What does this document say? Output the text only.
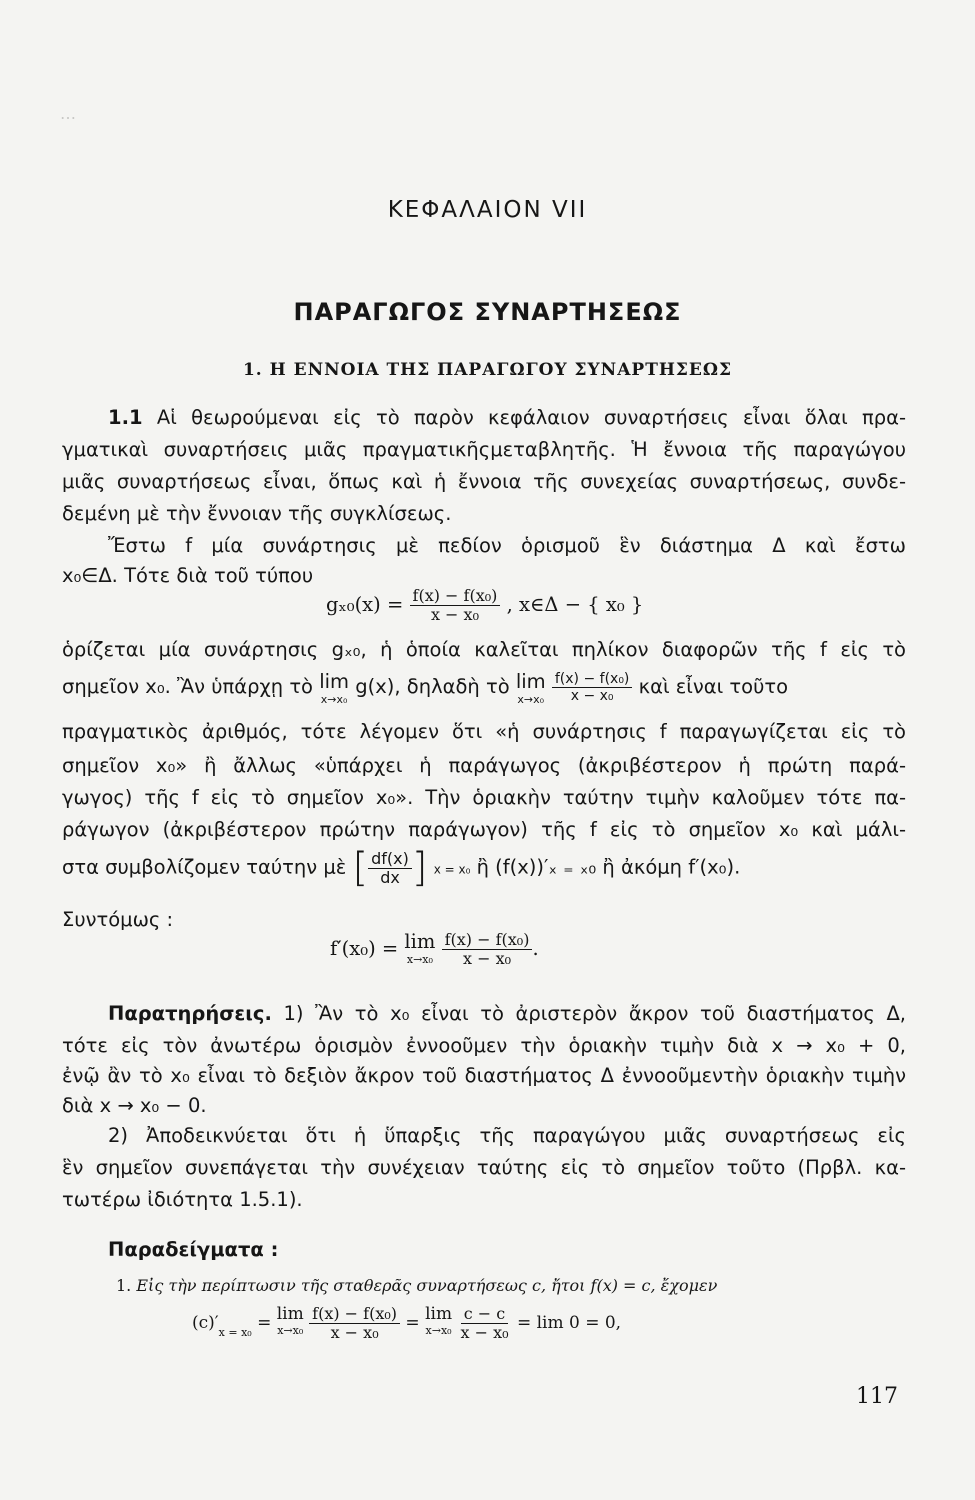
⋯
ΚΕΦΑΛΑΙΟΝ VII
ΠΑΡΑΓΩΓΟΣ ΣΥΝΑΡΤΗΣΕΩΣ
1. Η ΕΝΝΟΙΑ ΤΗΣ ΠΑΡΑΓΩΓΟΥ ΣΥΝΑΡΤΗΣΕΩΣ
1.1 Αἱ θεωρούμεναι εἰς τὸ παρὸν κεφάλαιον συναρτήσεις εἶναι ὅλαι πρα-
γματικαὶ συναρτήσεις μιᾶς πραγματικῆςμεταβλητῆς. Ἡ ἔννοια τῆς παραγώγου
μιᾶς συναρτήσεως εἶναι, ὅπως καὶ ἡ ἔννοια τῆς συνεχείας συναρτήσεως, συνδε-
δεμένη μὲ τὴν ἔννοιαν τῆς συγκλίσεως.
Ἔστω f μία συνάρτησις μὲ πεδίον ὁρισμοῦ ἓν διάστημα Δ καὶ ἔστω
x₀∈Δ. Τότε διὰ τοῦ τύπου
$g_{x0}(x) = \frac{\text{f(x) − f(x₀)}}{\text{x − x₀}}$ , x∈Δ − { x₀ }
ὁρίζεται μία συνάρτησις gₓ₀, ἡ ὁποία καλεῖται πηλίκον διαφορῶν τῆς f εἰς τὸ
σημεῖον x₀. Ἂν ὑπάρχῃ τὸ lim
x→x₀
g(x), δηλαδὴ τὸ lim
x→x₀
$\frac{\text{f(x) − f(x₀)}}{\text{x − x₀}}$ καὶ εἶναι τοῦτο
πραγματικὸς ἀριθμός, τότε λέγομεν ὅτι «ἡ συνάρτησις f παραγωγίζεται εἰς τὸ
σημεῖον x₀» ἢ ἄλλως «ὑπάρχει ἡ παράγωγος (ἀκριβέστερον ἡ πρώτη παρά-
γωγος) τῆς f εἰς τὸ σημεῖον x₀». Τὴν ὁριακὴν ταύτην τιμὴν καλοῦμεν τότε πα-
ράγωγον (ἀκριβέστερον πρώτην παράγωγον) τῆς f εἰς τὸ σημεῖον x₀ καὶ μάλι-
στα συμβολίζομεν ταύτην μὲ [ $\frac{df(x)}{dx}$ ] x = x₀ ἢ (f(x))′ₓ ₌ ₓ₀ ἢ ἀκόμη f′(x₀).
Συντόμως :
f′(x₀) = lim
x→x₀
$\frac{\text{f(x) − f(x₀)}}{\text{x − x₀}}$ .
Παρατηρήσεις. 1) Ἂν τὸ x₀ εἶναι τὸ ἀριστερὸν ἄκρον τοῦ διαστήματος Δ,
τότε εἰς τὸν ἀνωτέρω ὁρισμὸν ἐννοοῦμεν τὴν ὁριακὴν τιμὴν διὰ x → x₀ + 0,
ἐνῷ ἂν τὸ x₀ εἶναι τὸ δεξιὸν ἄκρον τοῦ διαστήματος Δ ἐννοοῦμεντὴν ὁριακὴν τιμὴν
διὰ x → x₀ − 0.
2) Ἀποδεικνύεται ὅτι ἡ ὕπαρξις τῆς παραγώγου μιᾶς συναρτήσεως εἰς
ἓν σημεῖον συνεπάγεται τὴν συνέχειαν ταύτης εἰς τὸ σημεῖον τοῦτο (Πρβλ. κα-
τωτέρω ἰδιότητα 1.5.1).
Παραδείγματα :
1. Εἰς τὴν περίπτωσιν τῆς σταθερᾶς συναρτήσεως c, ἤτοι f(x) = c, ἔχομεν
$(c)'_{x = x_0} = \lim$
x→x₀
$\frac{\text{f(x) − f(x₀)}}{\text{x − x₀}} = \lim$
x→x₀
$\frac{c - c}{\text{x − x₀}} = \lim 0 = 0$,
117
